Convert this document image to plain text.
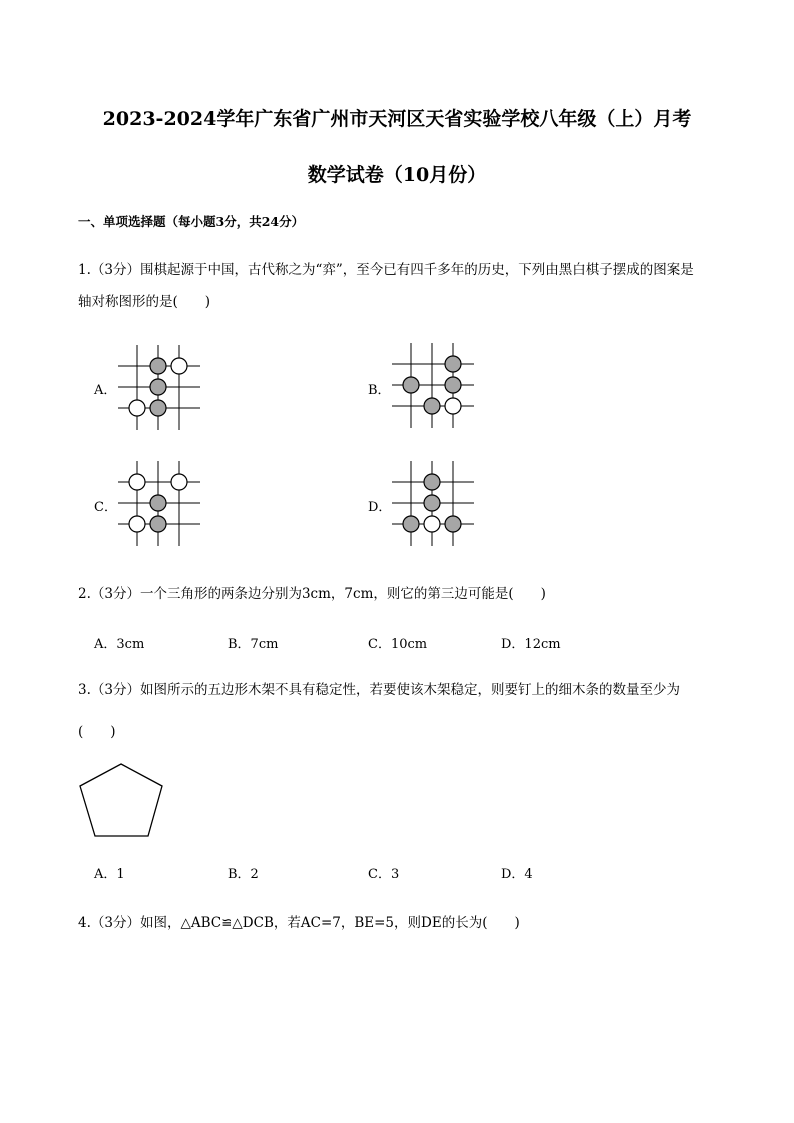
2023-2024学年广东省广州市天河区天省实验学校八年级（上）月考
数学试卷（10月份）
一、单项选择题（每小题3分，共24分）
1.（3分）围棋起源于中国，古代称之为“弈”，至今已有四千多年的历史，下列由黑白棋子摆成的图案是
轴对称图形的是(　　)
A．	B．
C．	D．
2.（3分）一个三角形的两条边分别为3cm，7cm，则它的第三边可能是(　　)
A．3cm	B．7cm	C．10cm	D．12cm
3.（3分）如图所示的五边形木架不具有稳定性，若要使该木架稳定，则要钉上的细木条的数量至少为
(　　)
A．1	B．2	C．3	D．4
4.（3分）如图，△ABC≌△DCB，若AC=7，BE=5，则DE的长为(　　)
